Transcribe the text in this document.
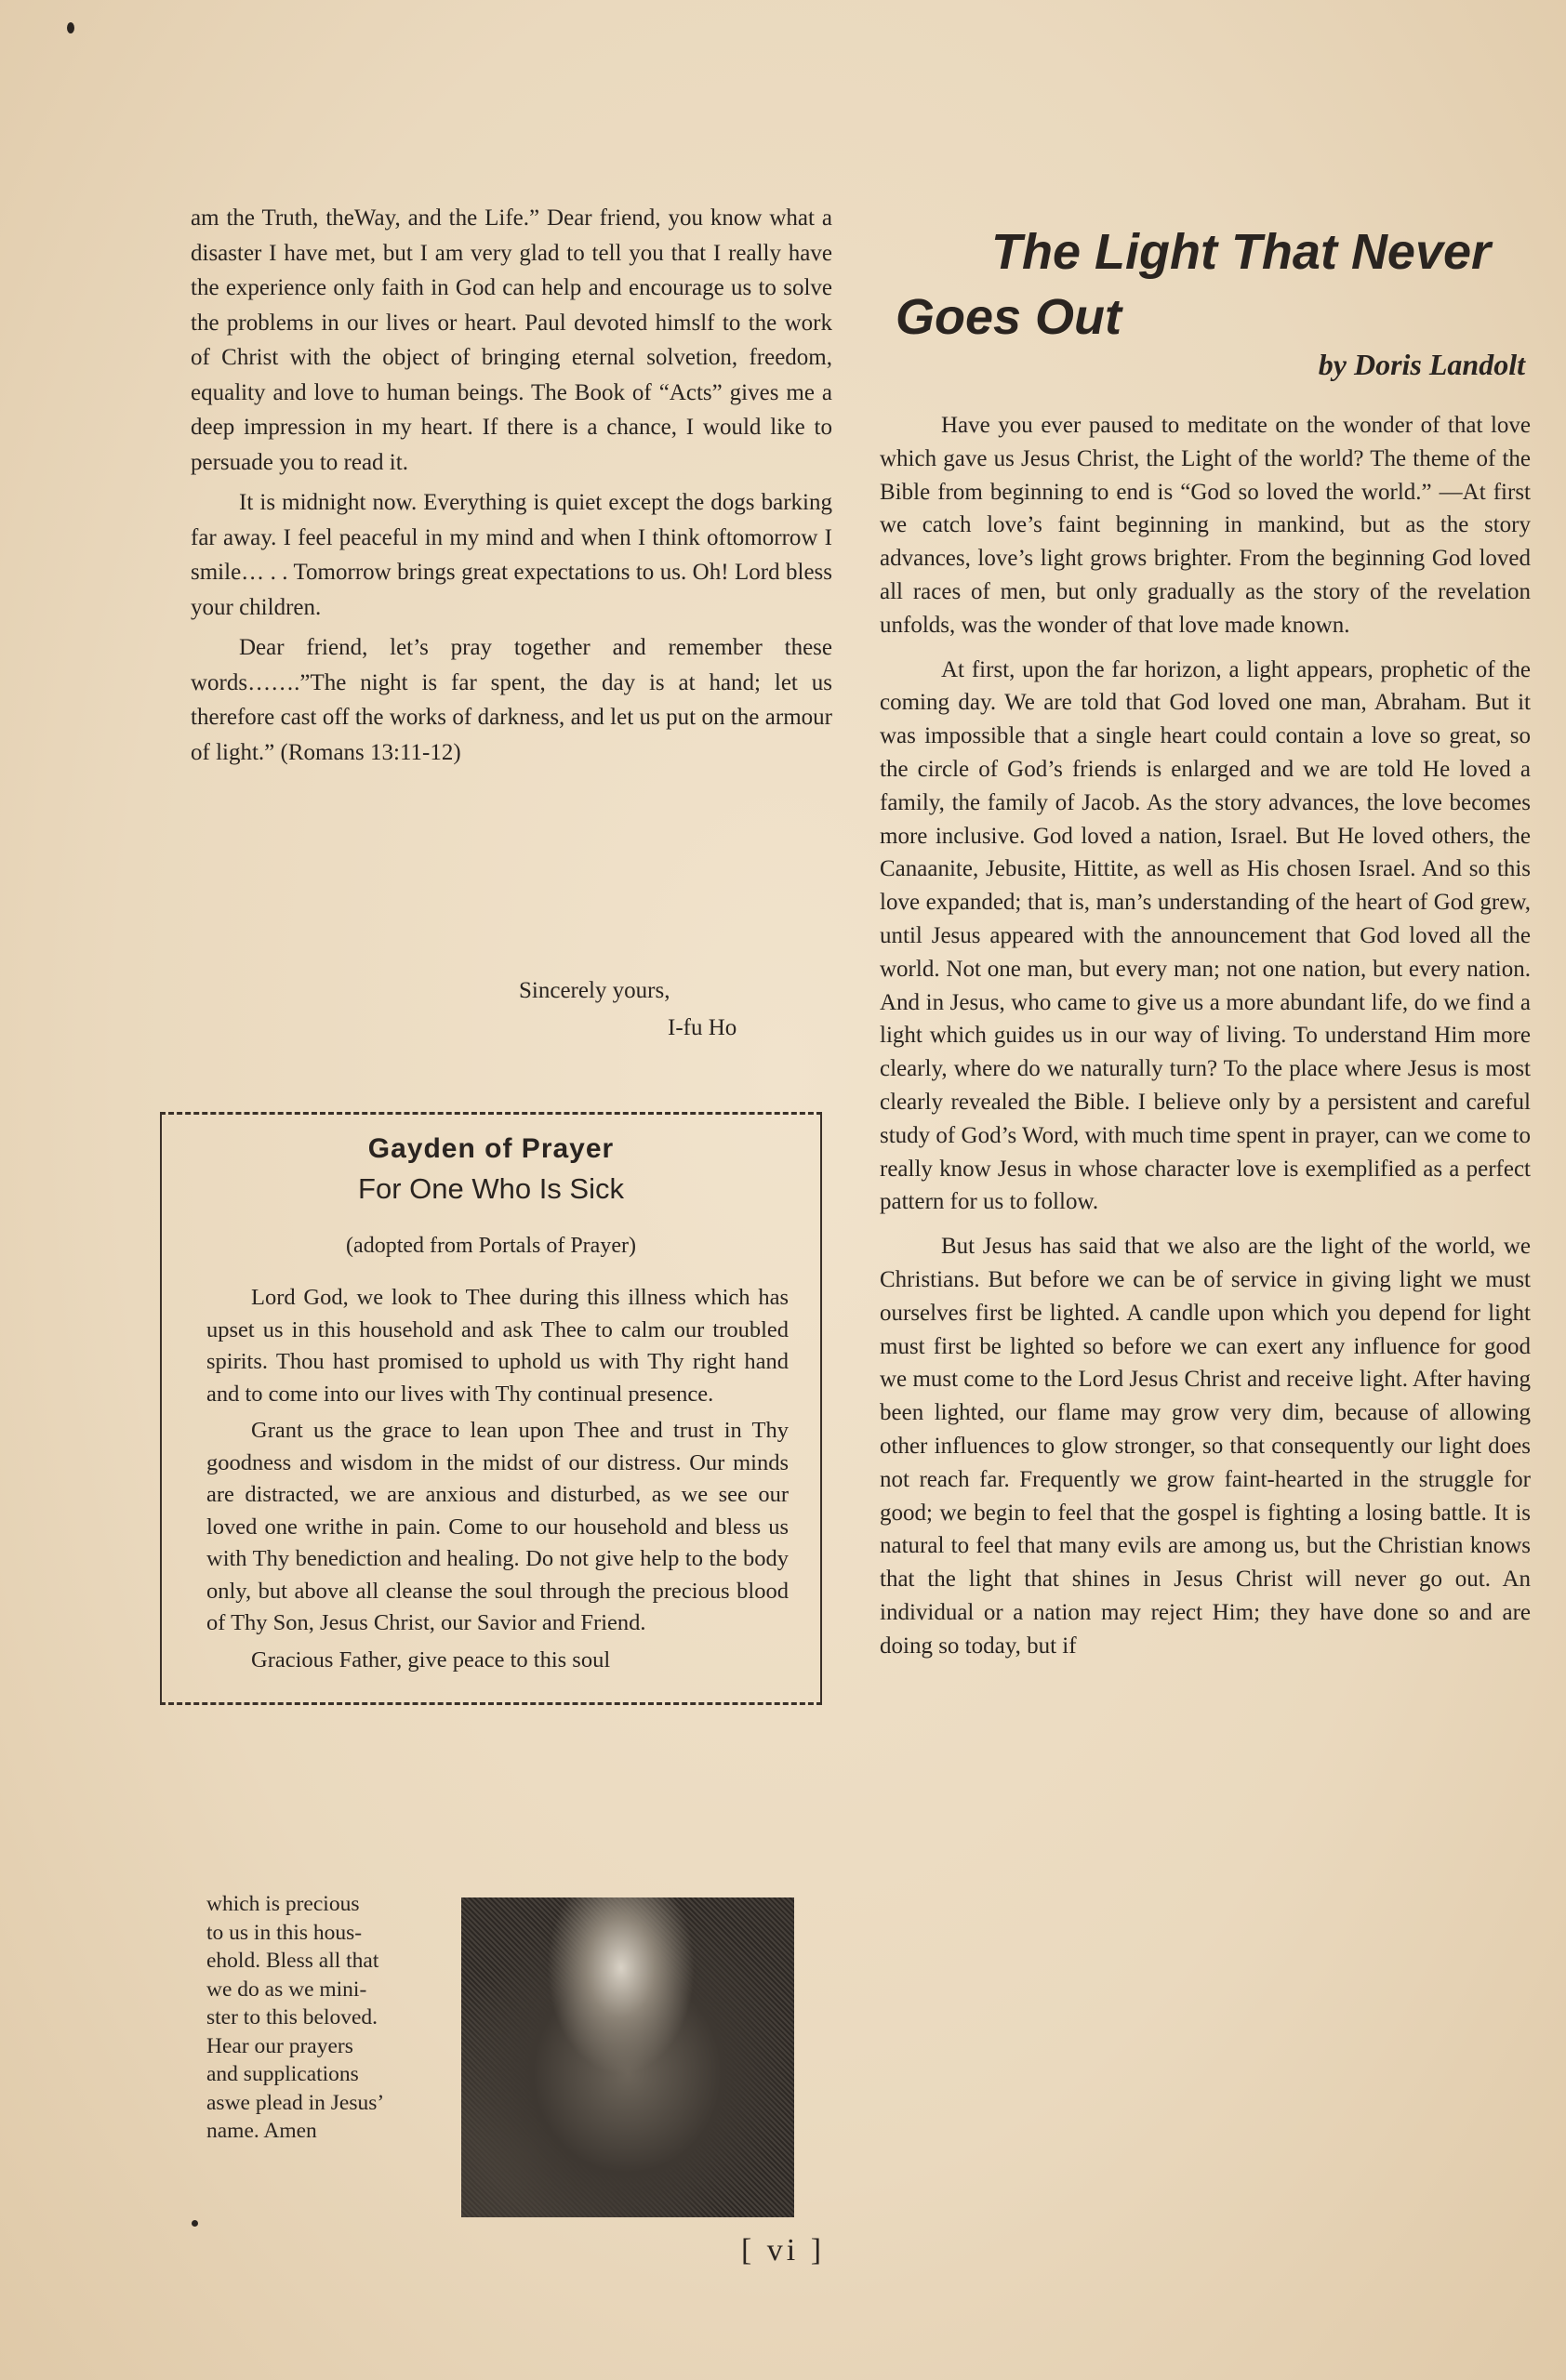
am the Truth, theWay, and the Life.” Dear friend, you know what a disaster I have met, but I am very glad to tell you that I really have the experience only faith in God can help and encourage us to solve the problems in our lives or heart. Paul devoted himslf to the work of Christ with the object of bringing eternal solvetion, freedom, equality and love to human beings. The Book of “Acts” gives me a deep impression in my heart. If there is a chance, I would like to persuade you to read it.

It is midnight now. Everything is quiet except the dogs barking far away. I feel peaceful in my mind and when I think oftomorrow I smile… . . Tomorrow brings great expectations to us. Oh! Lord bless your children.

Dear friend, let’s pray together and remember these words…….”The night is far spent, the day is at hand; let us therefore cast off the works of darkness, and let us put on the armour of light.” (Romans 13:11-12)

Sincerely yours,
I-fu Ho
Gayden of Prayer
For One Who Is Sick
(adopted from Portals of Prayer)

Lord God, we look to Thee during this illness which has upset us in this household and ask Thee to calm our troubled spirits. Thou hast promised to uphold us with Thy right hand and to come into our lives with Thy continual presence.

Grant us the grace to lean upon Thee and trust in Thy goodness and wisdom in the midst of our distress. Our minds are distracted, we are anxious and disturbed, as we see our loved one writhe in pain. Come to our household and bless us with Thy benediction and healing. Do not give help to the body only, but above all cleanse the soul through the precious blood of Thy Son, Jesus Christ, our Savior and Friend.

Gracious Father, give peace to this soul

which is precious
to us in this hous-
ehold. Bless all that
we do as we mini-
ster to this beloved.
Hear our prayers
and supplications
aswe plead in Jesus’
name. Amen
The Light That Never Goes Out
by Doris Landolt

Have you ever paused to meditate on the wonder of that love which gave us Jesus Christ, the Light of the world? The theme of the Bible from beginning to end is “God so loved the world.” —At first we catch love’s faint beginning in mankind, but as the story advances, love’s light grows brighter. From the beginning God loved all races of men, but only gradually as the story of the revelation unfolds, was the wonder of that love made known.

At first, upon the far horizon, a light appears, prophetic of the coming day. We are told that God loved one man, Abraham. But it was impossible that a single heart could contain a love so great, so the circle of God’s friends is enlarged and we are told He loved a family, the family of Jacob. As the story advances, the love becomes more inclusive. God loved a nation, Israel. But He loved others, the Canaanite, Jebusite, Hittite, as well as His chosen Israel. And so this love expanded; that is, man’s understanding of the heart of God grew, until Jesus appeared with the announcement that God loved all the world. Not one man, but every man; not one nation, but every nation. And in Jesus, who came to give us a more abundant life, do we find a light which guides us in our way of living. To understand Him more clearly, where do we naturally turn? To the place where Jesus is most clearly revealed the Bible. I believe only by a persistent and careful study of God’s Word, with much time spent in prayer, can we come to really know Jesus in whose character love is exemplified as a perfect pattern for us to follow.

But Jesus has said that we also are the light of the world, we Christians. But before we can be of service in giving light we must ourselves first be lighted. A candle upon which you depend for light must first be lighted so before we can exert any influence for good we must come to the Lord Jesus Christ and receive light. After having been lighted, our flame may grow very dim, because of allowing other influences to glow stronger, so that consequently our light does not reach far. Frequently we grow faint-hearted in the struggle for good; we begin to feel that the gospel is fighting a losing battle. It is natural to feel that many evils are among us, but the Christian knows that the light that shines in Jesus Christ will never go out. An individual or a nation may reject Him; they have done so and are doing so today, but if

[ vi ]
